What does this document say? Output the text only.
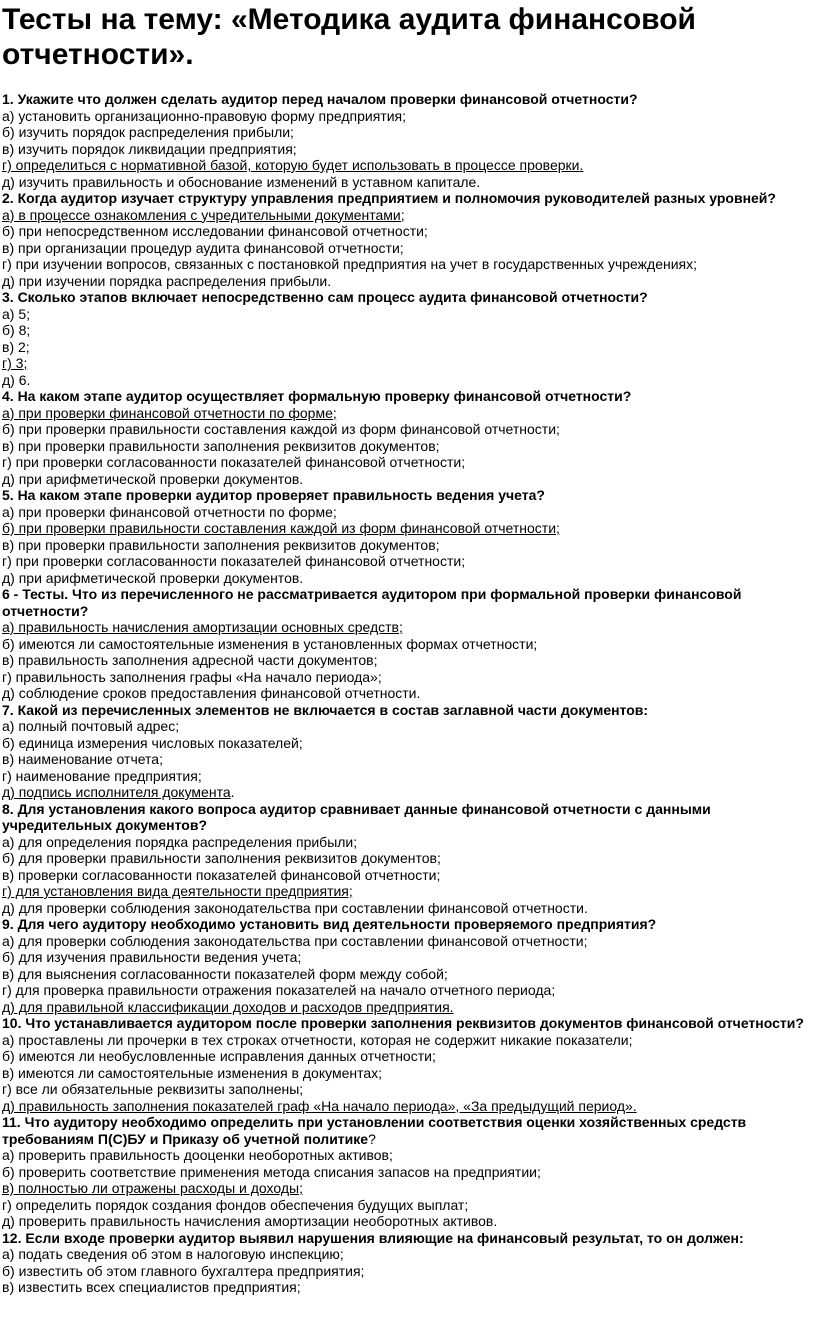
Тесты на тему: «Методика аудита финансовой отчетности».
1. Укажите что должен сделать аудитор перед началом проверки финансовой отчетности?
а) установить организационно-правовую форму предприятия;
б) изучить порядок распределения прибыли;
в) изучить порядок ликвидации предприятия;
г) определиться с нормативной базой, которую будет использовать в процессе проверки.
д) изучить правильность и обоснование изменений в уставном капитале.
2. Когда аудитор изучает структуру управления предприятием и полномочия руководителей разных уровней?
а) в процессе ознакомления с учредительными документами;
б) при непосредственном исследовании финансовой отчетности;
в) при организации процедур аудита финансовой отчетности;
г) при изучении вопросов, связанных с постановкой предприятия на учет в государственных учреждениях;
д) при изучении порядка распределения прибыли.
3. Сколько этапов включает непосредственно сам процесс аудита финансовой отчетности?
а) 5;
б) 8;
в) 2;
г) 3;
д) 6.
4. На каком этапе аудитор осуществляет формальную проверку финансовой отчетности?
а) при проверки финансовой отчетности по форме;
б) при проверки правильности составления каждой из форм финансовой отчетности;
в) при проверки правильности заполнения реквизитов документов;
г) при проверки согласованности показателей финансовой отчетности;
д) при арифметической проверки документов.
5. На каком этапе проверки аудитор проверяет правильность ведения учета?
а) при проверки финансовой отчетности по форме;
б) при проверки правильности составления каждой из форм финансовой отчетности;
в) при проверки правильности заполнения реквизитов документов;
г) при проверки согласованности показателей финансовой отчетности;
д) при арифметической проверки документов.
6 - Тесты. Что из перечисленного не рассматривается аудитором при формальной проверки финансовой отчетности?
а) правильность начисления амортизации основных средств;
б) имеются ли самостоятельные изменения в установленных формах отчетности;
в) правильность заполнения адресной части документов;
г) правильность заполнения графы «На начало периода»;
д) соблюдение сроков предоставления финансовой отчетности.
7. Какой из перечисленных элементов не включается в состав заглавной части документов:
а) полный почтовый адрес;
б) единица измерения числовых показателей;
в) наименование отчета;
г) наименование предприятия;
д) подпись исполнителя документа.
8. Для установления какого вопроса аудитор сравнивает данные финансовой отчетности с данными учредительных документов?
а) для определения порядка распределения прибыли;
б) для проверки правильности заполнения реквизитов документов;
в) проверки согласованности показателей финансовой отчетности;
г) для установления вида деятельности предприятия;
д) для проверки соблюдения законодательства при составлении финансовой отчетности.
9. Для чего аудитору необходимо установить вид деятельности проверяемого предприятия?
а) для проверки соблюдения законодательства при составлении финансовой отчетности;
б) для изучения правильности ведения учета;
в) для выяснения согласованности показателей форм между собой;
г) для проверка правильности отражения показателей на начало отчетного периода;
д) для правильной классификации доходов и расходов предприятия.
10. Что устанавливается аудитором после проверки заполнения реквизитов документов финансовой отчетности?
а) проставлены ли прочерки в тех строках отчетности, которая не содержит никакие показатели;
б) имеются ли необусловленные исправления данных отчетности;
в) имеются ли самостоятельные изменения в документах;
г) все ли обязательные реквизиты заполнены;
д) правильность заполнения показателей граф «На начало периода», «За предыдущий период».
11. Что аудитору необходимо определить при установлении соответствия оценки хозяйственных средств требованиям П(С)БУ и Приказу об учетной политике?
а) проверить правильность дооценки необоротных активов;
б) проверить соответствие применения метода списания запасов на предприятии;
в) полностью ли отражены расходы и доходы;
г) определить порядок создания фондов обеспечения будущих выплат;
д) проверить правильность начисления амортизации необоротных активов.
12. Если входе проверки аудитор выявил нарушения влияющие на финансовый результат, то он должен:
а) подать сведения об этом в налоговую инспекцию;
б) известить об этом главного бухгалтера предприятия;
в) известить всех специалистов предприятия;
